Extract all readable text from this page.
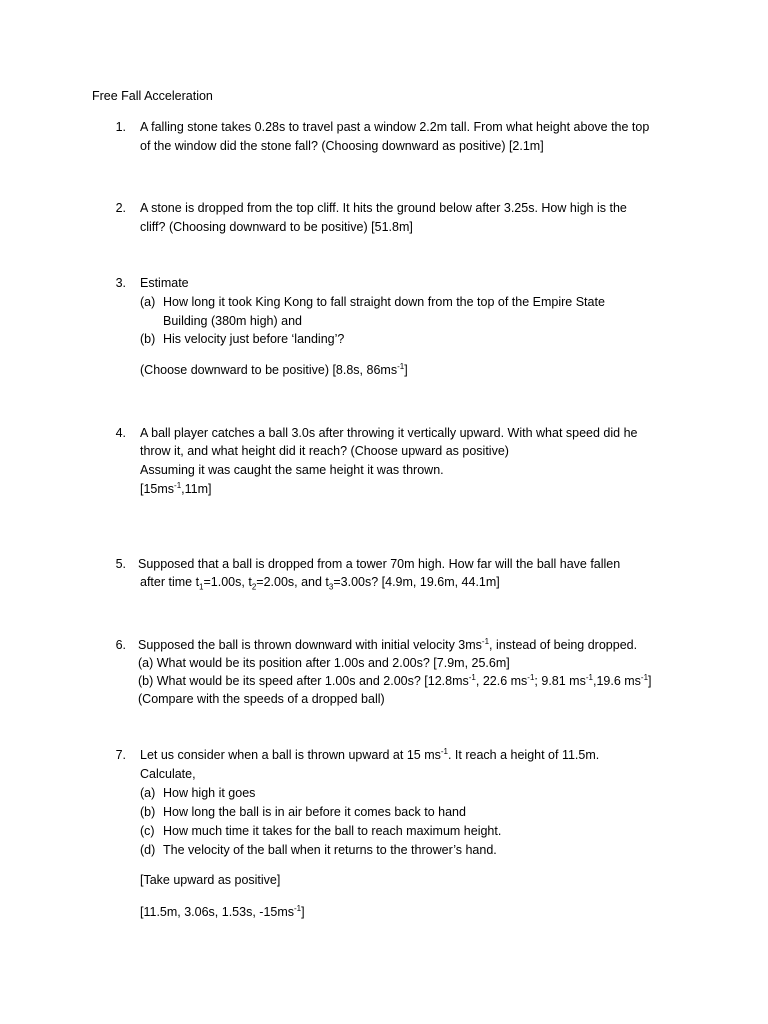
Free Fall Acceleration
1. A falling stone takes 0.28s to travel past a window 2.2m tall. From what height above the top
of the window did the stone fall? (Choosing downward as positive) [2.1m]
2. A stone is dropped from the top cliff. It hits the ground below after 3.25s. How high is the
cliff? (Choosing downward to be positive) [51.8m]
3. Estimate
(a) How long it took King Kong to fall straight down from the top of the Empire State
Building (380m high) and
(b) His velocity just before ‘landing’?
(Choose downward to be positive) [8.8s, $86ms^{-1}$]
4. A ball player catches a ball 3.0s after throwing it vertically upward. With what speed did he
throw it, and what height did it reach? (Choose upward as positive)
Assuming it was caught the same height it was thrown.
$[15ms^{-1},11m]$
5. Supposed that a ball is dropped from a tower 70m high. How far will the ball have fallen
after time $t_1=1.00s$, $t_2=2.00s$, and $t_3=3.00s$? [4.9m, 19.6m, 44.1m]
6. Supposed the ball is thrown downward with initial velocity $3ms^{-1}$, instead of being dropped.
(a) What would be its position after 1.00s and 2.00s? [7.9m, 25.6m]
(b) What would be its speed after 1.00s and 2.00s? [$12.8ms^{-1}$, 22.6 $ms^{-1}$; 9.81 $ms^{-1},19.6$ $ms^{-1}$]
(Compare with the speeds of a dropped ball)
7. Let us consider when a ball is thrown upward at 15 $ms^{-1}$. It reach a height of 11.5m.
Calculate,
(a) How high it goes
(b) How long the ball is in air before it comes back to hand
(c) How much time it takes for the ball to reach maximum height.
(d) The velocity of the ball when it returns to the thrower’s hand.
[Take upward as positive]
[11.5m, 3.06s, 1.53s, $-15ms^{-1}$]
